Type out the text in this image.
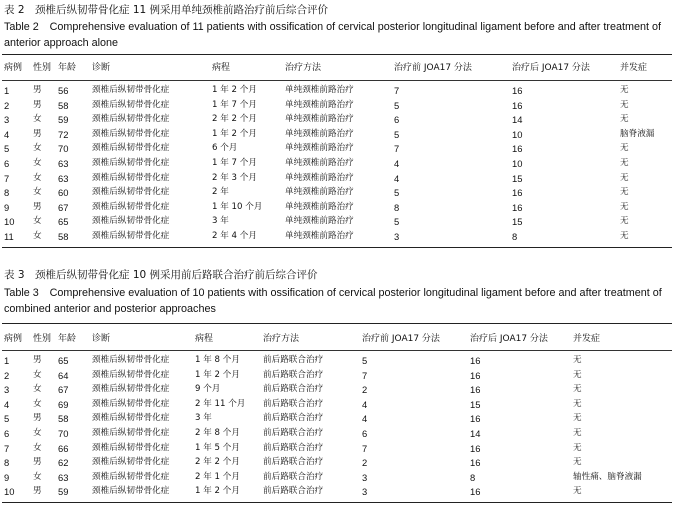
表 2　颈椎后纵韧带骨化症 11 例采用单纯颈椎前路治疗前后综合评价
Table 2　Comprehensive evaluation of 11 patients with ossification of cervical posterior longitudinal ligament before and after treatment of anterior approach alone
病例 性别 年龄 诊断	病程	治疗方法	治疗前 JOA17 分法	治疗后 JOA17 分法	并发症
1	男 56	颈椎后纵韧带骨化症	1 年 2 个月	单纯颈椎前路治疗	7	16	无
2	男 58	颈椎后纵韧带骨化症	1 年 7 个月	单纯颈椎前路治疗	5	16	无
3	女 59	颈椎后纵韧带骨化症	2 年 2 个月	单纯颈椎前路治疗	6	14	无
4	男 72	颈椎后纵韧带骨化症	1 年 2 个月	单纯颈椎前路治疗	5	10	脑脊液漏
5	女 70	颈椎后纵韧带骨化症	6 个月	单纯颈椎前路治疗	7	16	无
6	女 63	颈椎后纵韧带骨化症	1 年 7 个月	单纯颈椎前路治疗	4	10	无
7	女 63	颈椎后纵韧带骨化症	2 年 3 个月	单纯颈椎前路治疗	4	15	无
8	女 60	颈椎后纵韧带骨化症	2 年	单纯颈椎前路治疗	5	16	无
9	男 67	颈椎后纵韧带骨化症	1 年 10 个月	单纯颈椎前路治疗	8	16	无
10 女 65	颈椎后纵韧带骨化症	3 年	单纯颈椎前路治疗	5	15	无
11 女 58	颈椎后纵韧带骨化症	2 年 4 个月	单纯颈椎前路治疗	3	8	无
表 3　颈椎后纵韧带骨化症 10 例采用前后路联合治疗前后综合评价
Table 3　Comprehensive evaluation of 10 patients with ossification of cervical posterior longitudinal ligament before and after treatment of combined anterior and posterior approaches
病例 性别 年龄 诊断	病程	治疗方法	治疗前 JOA17 分法	治疗后 JOA17 分法	并发症
1	男 65	颈椎后纵韧带骨化症	1 年 8 个月	前后路联合治疗	5	16	无
2	女 64	颈椎后纵韧带骨化症	1 年 2 个月	前后路联合治疗	7	16	无
3	女 67	颈椎后纵韧带骨化症	9 个月	前后路联合治疗	2	16	无
4	女 69	颈椎后纵韧带骨化症	2 年 11 个月 前后路联合治疗	4	15	无
5	男 58	颈椎后纵韧带骨化症	3 年	前后路联合治疗	4	16	无
6	女 70	颈椎后纵韧带骨化症	2 年 8 个月	前后路联合治疗	6	14	无
7	女 66	颈椎后纵韧带骨化症	1 年 5 个月	前后路联合治疗	7	16	无
8	男 62	颈椎后纵韧带骨化症	2 年 2 个月	前后路联合治疗	2	16	无
9	女 63	颈椎后纵韧带骨化症	2 年 1 个月	前后路联合治疗	3	8	轴性痛、脑脊液漏
10 男 59	颈椎后纵韧带骨化症	1 年 2 个月	前后路联合治疗	3	16	无
